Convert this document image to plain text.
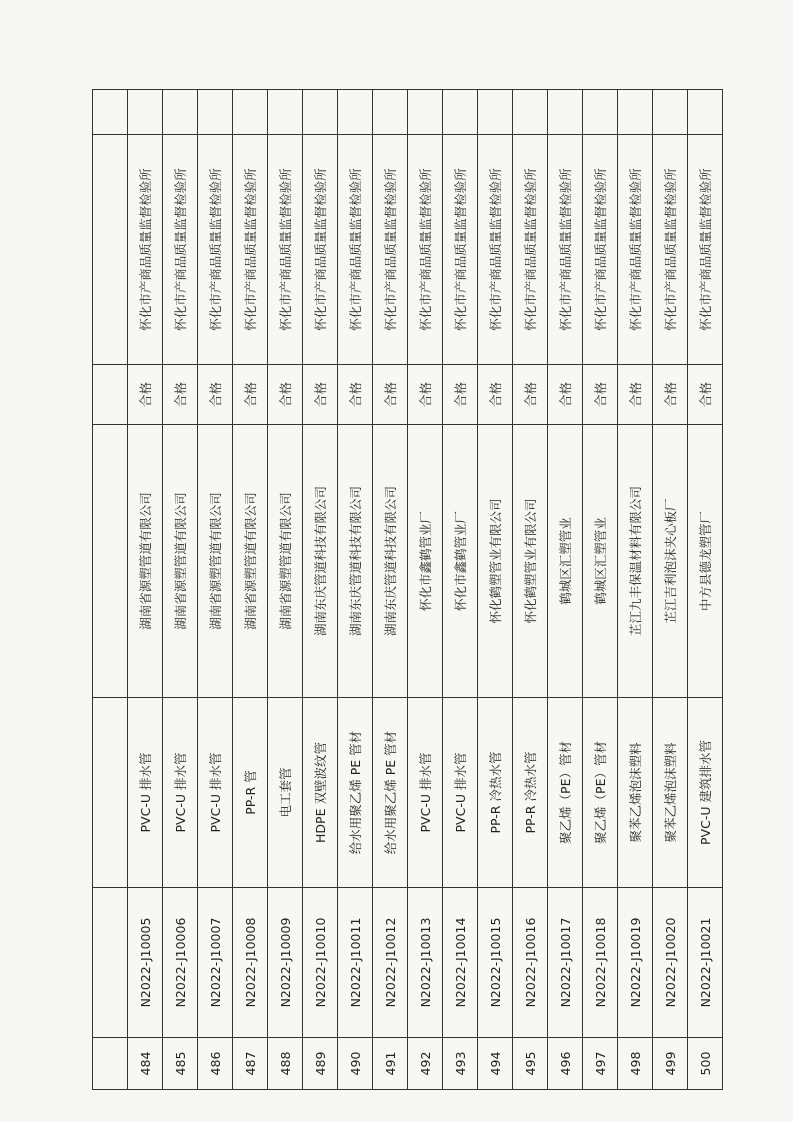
484	N2022-J10005	PVC-U 排水管	湖南省源塑管道有限公司	合格	怀化市产商品质量监督检验所	
485	N2022-J10006	PVC-U 排水管	湖南省源塑管道有限公司	合格	怀化市产商品质量监督检验所	
486	N2022-J10007	PVC-U 排水管	湖南省源塑管道有限公司	合格	怀化市产商品质量监督检验所	
487	N2022-J10008	PP-R 管	湖南省源塑管道有限公司	合格	怀化市产商品质量监督检验所	
488	N2022-J10009	电工套管	湖南省源塑管道有限公司	合格	怀化市产商品质量监督检验所	
489	N2022-J10010	HDPE 双壁波纹管	湖南东庆管道科技有限公司	合格	怀化市产商品质量监督检验所	
490	N2022-J10011	给水用聚乙烯 PE 管材	湖南东庆管道科技有限公司	合格	怀化市产商品质量监督检验所	
491	N2022-J10012	给水用聚乙烯 PE 管材	湖南东庆管道科技有限公司	合格	怀化市产商品质量监督检验所	
492	N2022-J10013	PVC-U 排水管	怀化市鑫鹤管业厂	合格	怀化市产商品质量监督检验所	
493	N2022-J10014	PVC-U 排水管	怀化市鑫鹤管业厂	合格	怀化市产商品质量监督检验所	
494	N2022-J10015	PP-R 冷热水管	怀化鹤塑管业有限公司	合格	怀化市产商品质量监督检验所	
495	N2022-J10016	PP-R 冷热水管	怀化鹤塑管业有限公司	合格	怀化市产商品质量监督检验所	
496	N2022-J10017	聚乙烯（PE）管材	鹤城区汇塑管业	合格	怀化市产商品质量监督检验所	
497	N2022-J10018	聚乙烯（PE）管材	鹤城区汇塑管业	合格	怀化市产商品质量监督检验所	
498	N2022-J10019	聚苯乙烯泡沫塑料	芷江九丰保温材料有限公司	合格	怀化市产商品质量监督检验所	
499	N2022-J10020	聚苯乙烯泡沫塑料	芷江吉利泡沫夹心板厂	合格	怀化市产商品质量监督检验所	
500	N2022-J10021	PVC-U 建筑排水管	中方县德龙塑管厂	合格	怀化市产商品质量监督检验所	
